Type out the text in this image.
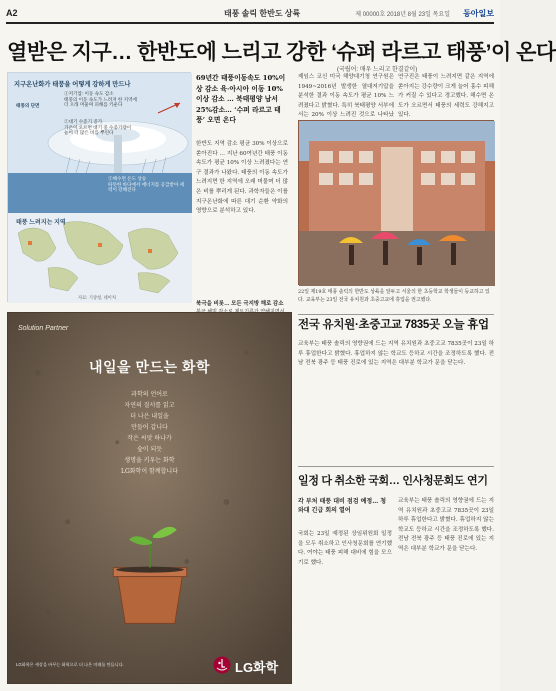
A2	태풍 솔릭 한반도 상륙	제 00000호 2018년 8월 23일 목요일 동아일보
열받은 지구… 한반도에 느리고 강한 ‘슈퍼 라르고 태풍’이 온다
(국립어: 매우 느리고 한결같이)
지구온난화가 태풍을 어떻게 강하게 만드나
태풍의 단면
①저기압: 이동 속도 감소
태풍의 이동 속도가 느려져 한 지역에 더 오래 머물며 피해를 키운다
②대기 수증기 증가
기온이 오르면 대기 중 수증기량이 늘어 더 많은 비를 뿌린다
③해수면 온도 상승
따뜻한 바다에서 에너지를 공급받아 세력이 강해진다
태풍 느려지는 지역
자료: 기상청, 네이처
69년간 태풍이동속도 10%이상 감소 육·아시아 이동 10% 이상 감소 … 북태평양 남서 25%감소… ‘수퍼 라르고 태풍’ 오면 온다
한반도 지역 감소 평균 30% 이상으로 쏟아진다 … 지난 60여년간 태풍 이동 속도가 평균 10% 이상 느려졌다는 연구 결과가 나왔다. 태풍의 이동 속도가 느려지면 한 지역에 오래 머물며 더 많은 비를 뿌리게 된다. 과학자들은 이를 지구온난화에 따른 대기 순환 약화의 영향으로 분석하고 있다.
제임스 코신 미국 해양대기청 연구원은 1949~2016년 발생한 열대저기압을 분석한 결과 이동 속도가 평균 10% 느려졌다고 밝혔다. 특히 북태평양 서부에서는 20% 이상 느려진 것으로 나타났
연구진은 태풍이 느려지면 같은 지역에 쏟아지는 강수량이 크게 늘어 홍수 피해가 커질 수 있다고 경고했다. 해수면 온도가 오르면서 태풍의 세력도 강해지고 있다.
북극을 비롯… 모든 극지방 해로 감소
Solution Partner
내일을 만드는 화학
과학의 언어로
자연의 질서를 읽고
더 나은 내일을
만들어 갑니다
작은 씨앗 하나가
숲이 되듯
생명을 키우는 화학
LG화학이 함께합니다
LG화학은 세상을 바꾸는 화학으로 더 나은 미래를 만듭니다.	LG화학
22일 제19호 태풍 솔릭의 한반도 상륙을 앞두고 서울의 한 초등학교 학생들이 등교하고 있다. 교육부는 23일 전국 유치원과 초중고교에 휴업을 권고했다.
전국 유치원·초중고교 7835곳 오늘 휴업
교육부는 태풍 솔릭의 영향권에 드는 지역 유치원과 초중고교 7835곳이 23일 하루 휴업한다고 밝혔다. 휴업하지 않는 학교도 등하교 시간을 조정하도록 했다. 전남 전북 광주 등 태풍 진로에 있는 지역은 대부분 학교가 문을 닫는다.
일정 다 취소한 국회… 인사청문회도 연기
각 부처 태풍 대비 점검 예정… 청와대 긴급 회의 열어
국회는 23일 예정된 상임위원회 일정을 모두 취소하고 인사청문회를 연기했다. 여야는 태풍 피해 대비에 힘을 모으기로 했다.
교육부는 태풍 솔릭의 영향권에 드는 지역 유치원과 초중고교 7835곳이 23일 하루 휴업한다고 밝혔다. 휴업하지 않는 학교도 등하교 시간을 조정하도록 했다. 전남 전북 광주 등 태풍 진로에 있는 지역은 대부분 학교가 문을 닫는다.
